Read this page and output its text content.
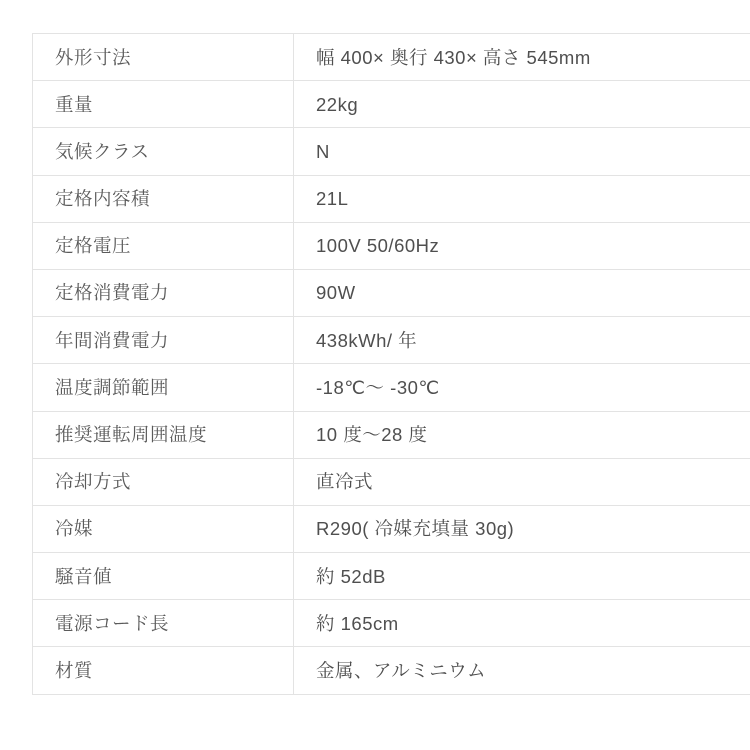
外形寸法	幅 400× 奥行 430× 高さ 545mm
重量	22kg
気候クラス	N
定格内容積	21L
定格電圧	100V 50/60Hz
定格消費電力	90W
年間消費電力	438kWh/ 年
温度調節範囲	-18℃〜 -30℃
推奨運転周囲温度	10 度〜28 度
冷却方式	直冷式
冷媒	R290( 冷媒充填量 30g)
騒音値	約 52dB
電源コード長	約 165cm
材質	金属、アルミニウム
